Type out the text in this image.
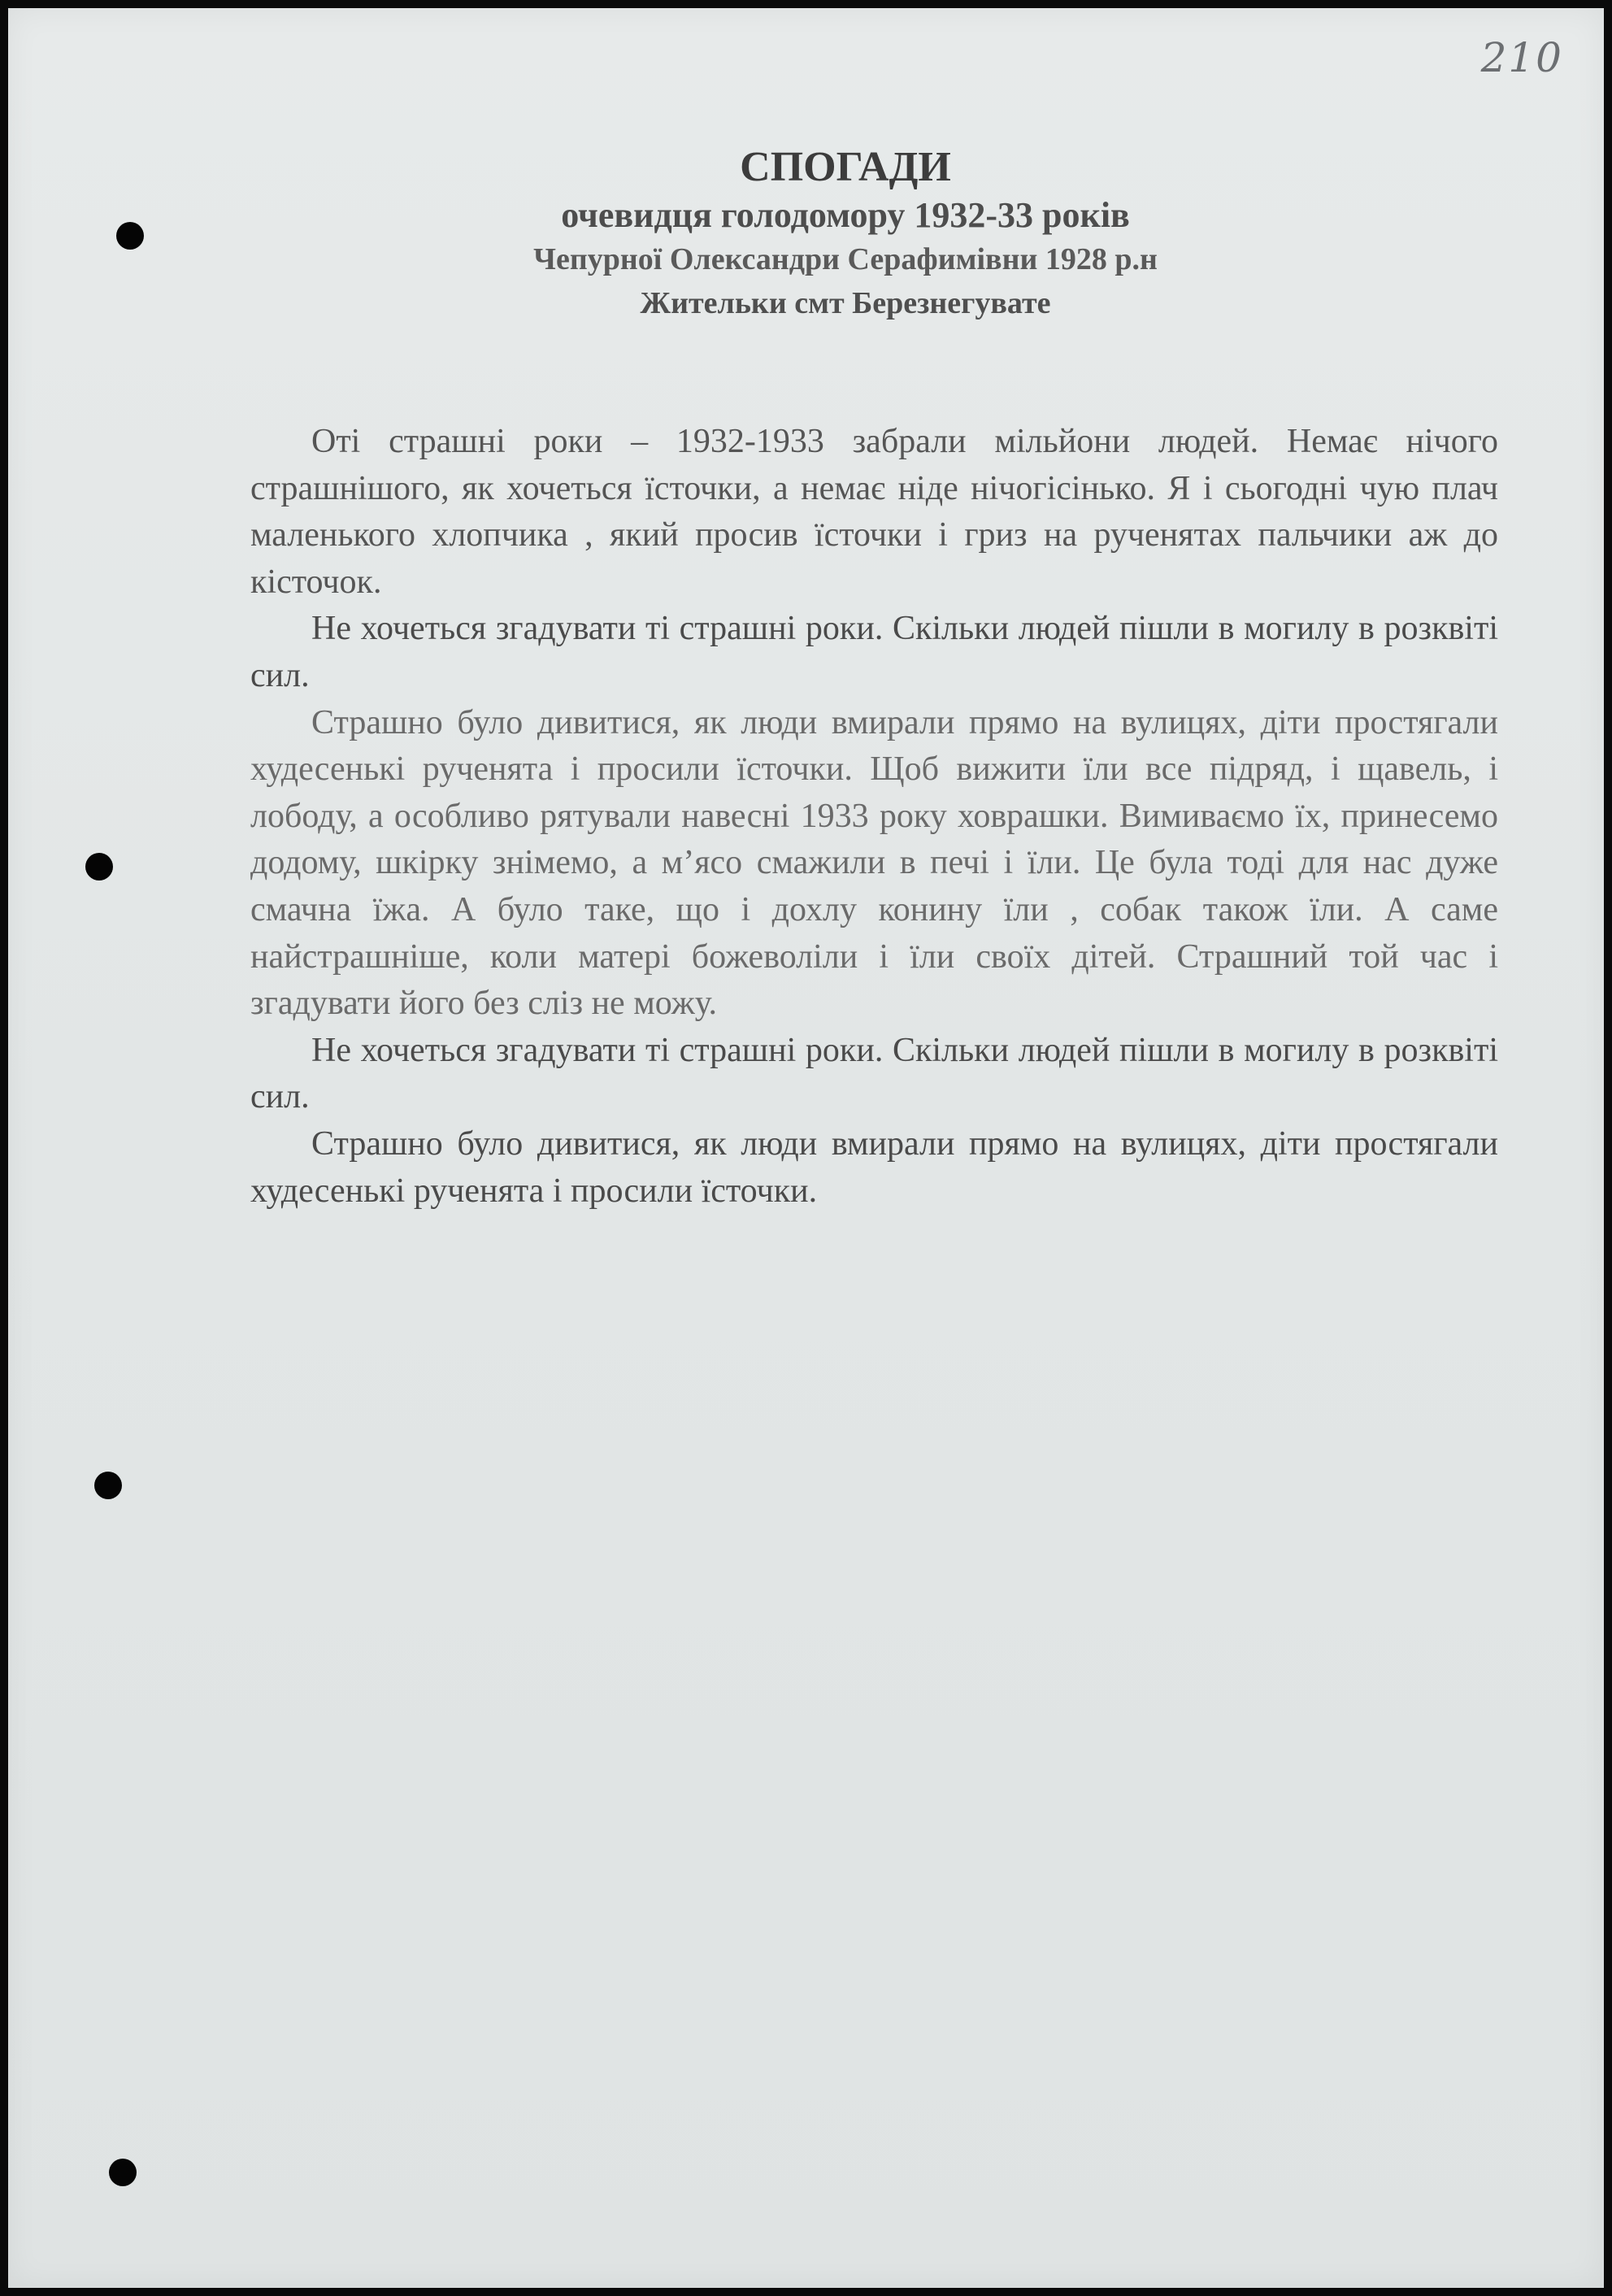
210
СПОГАДИ
очевидця голодомору 1932-33 років
Чепурної Олександри Серафимівни 1928 р.н
Жительки смт Березнегувате

Оті страшні роки – 1932-1933 забрали мільйони людей. Немає нічого страшнішого, як хочеться їсточки, а немає ніде нічогісінько. Я і сьогодні чую плач маленького хлопчика , який просив їсточки і гриз на рученятах пальчики аж до кісточок.

Не хочеться згадувати ті страшні роки. Скільки людей пішли в могилу в розквіті сил.

Страшно було дивитися, як люди вмирали прямо на вулицях, діти простягали худесенькі рученята і просили їсточки. Щоб вижити їли все підряд, і щавель, і лободу, а особливо рятували навесні 1933 року ховрашки. Вимиваємо їх, принесемо додому, шкірку знімемо, а м’ясо смажили в печі і їли. Це була тоді для нас дуже смачна їжа. А було таке, що і дохлу конину їли , собак також їли. А саме найстрашніше, коли матері божеволіли і їли своїх дітей. Страшний той час і згадувати його без сліз не можу.

Не хочеться згадувати ті страшні роки. Скільки людей пішли в могилу в розквіті сил.

Страшно було дивитися, як люди вмирали прямо на вулицях, діти простягали худесенькі рученята і просили їсточки.
